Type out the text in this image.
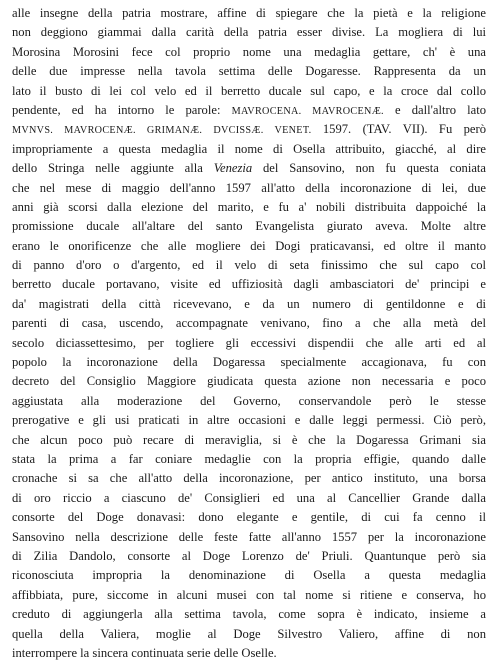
alle insegne della patria mostrare, affine di spiegare che la pietà e la religione
non deggiono giammai dalla carità della patria esser divise. La mogliera di lui
Morosina Morosini fece col proprio nome una medaglia gettare, ch' è una
delle due impresse nella tavola settima delle Dogaresse. Rappresenta da un
lato il busto di lei col velo ed il berretto ducale sul capo, e la croce dal collo
pendente, ed ha intorno le parole: MAVROCENA. MAVROCENÆ. e dall'altro lato
MVNVS. MAVROCENÆ. GRIMANÆ. DVCISSÆ. VENET. 1597. (TAV. VII). Fu però
impropriamente a questa medaglia il nome di Osella attribuito, giacché, al dire
dello Stringa nelle aggiunte alla Venezia del Sansovino, non fu questa coniata
che nel mese di maggio dell'anno 1597 all'atto della incoronazione di lei, due
anni già scorsi dalla elezione del marito, e fu a' nobili distribuita dappoiché la
promissione ducale all'altare del santo Evangelista giurato aveva. Molte altre
erano le onorificenze che alle mogliere dei Dogi praticavansi, ed oltre il manto
di panno d'oro o d'argento, ed il velo di seta finissimo che sul capo col
berretto ducale portavano, visite ed uffiziosità dagli ambasciatori de' principi e
da' magistrati della città ricevevano, e da un numero di gentildonne e di
parenti di casa, uscendo, accompagnate venivano, fino a che alla metà del
secolo diciassettesimo, per togliere gli eccessivi dispendii che alle arti ed al
popolo la incoronazione della Dogaressa specialmente accagionava, fu con
decreto del Consiglio Maggiore giudicata questa azione non necessaria e poco
aggiustata alla moderazione del Governo, conservandole però le stesse
prerogative e gli usi praticati in altre occasioni e dalle leggi permessi. Ciò però,
che alcun poco può recare di meraviglia, si è che la Dogaressa Grimani sia
stata la prima a far coniare medaglie con la propria effigie, quando dalle
cronache si sa che all'atto della incoronazione, per antico instituto, una borsa
di oro riccio a ciascuno de' Consiglieri ed una al Cancellier Grande dalla
consorte del Doge donavasi: dono elegante e gentile, di cui fa cenno il
Sansovino nella descrizione delle feste fatte all'anno 1557 per la incoronazione
di Zilia Dandolo, consorte al Doge Lorenzo de' Priuli. Quantunque però sia
riconosciuta impropria la denominazione di Osella a questa medaglia
affibbiata, pure, siccome in alcuni musei con tal nome si ritiene e conserva, ho
creduto di aggiungerla alla settima tavola, come sopra è indicato, insieme a
quella della Valiera, moglie al Doge Silvestro Valiero, affine di non
interrompere la sincera continuata serie delle Oselle.
